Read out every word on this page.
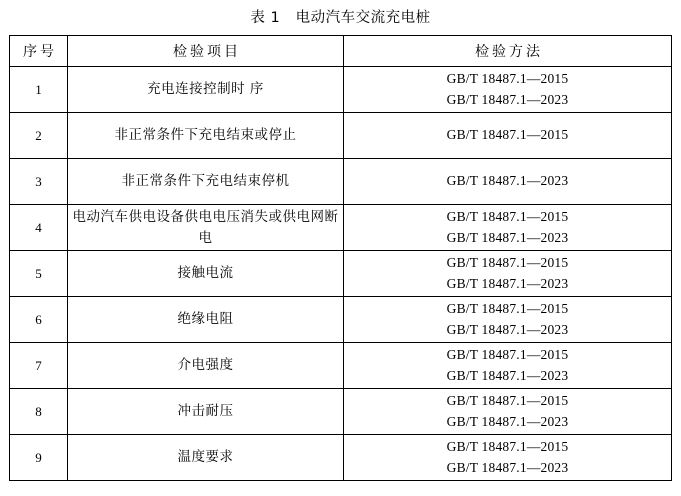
表 1   电动汽车交流充电桩
序号	检验项目	检验方法
1	充电连接控制时 序	GB/T 18487.1—2015
GB/T 18487.1—2023

2	非正常条件下充电结束或停止	GB/T 18487.1—2015

3	非正常条件下充电结束停机	GB/T 18487.1—2023

4	电动汽车供电设备供电电压消失或供电网断电	GB/T 18487.1—2015
GB/T 18487.1—2023

5	接触电流	GB/T 18487.1—2015
GB/T 18487.1—2023

6	绝缘电阻	GB/T 18487.1—2015
GB/T 18487.1—2023

7	介电强度	GB/T 18487.1—2015
GB/T 18487.1—2023

8	冲击耐压	GB/T 18487.1—2015
GB/T 18487.1—2023

9	温度要求	GB/T 18487.1—2015
GB/T 18487.1—2023
